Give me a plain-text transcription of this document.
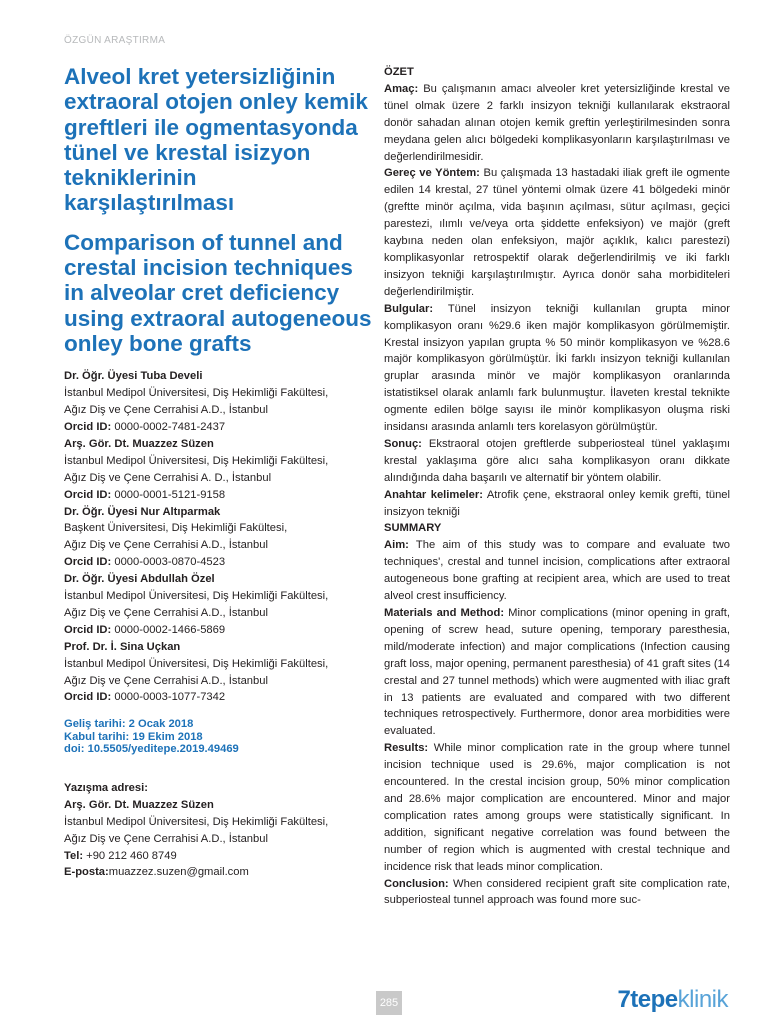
ÖZGÜN ARAŞTIRMA
Alveol kret yetersizliğinin extraoral otojen onley kemik greftleri ile ogmentasyonda tünel ve krestal isizyon tekniklerinin karşılaştırılması
Comparison of tunnel and crestal incision techniques in alveolar cret deficiency using extraoral autogeneous onley bone grafts
Dr. Öğr. Üyesi Tuba Develi
İstanbul Medipol Üniversitesi, Diş Hekimliği Fakültesi,
Ağız Diş ve Çene Cerrahisi A.D., İstanbul
Orcid ID: 0000-0002-7481-2437
Arş. Gör. Dt. Muazzez Süzen
İstanbul Medipol Üniversitesi, Diş Hekimliği Fakültesi,
Ağız Diş ve Çene Cerrahisi A. D., İstanbul
Orcid ID: 0000-0001-5121-9158
Dr. Öğr. Üyesi Nur Altıparmak
Başkent Üniversitesi, Diş Hekimliği Fakültesi,
Ağız Diş ve Çene Cerrahisi A.D., İstanbul
Orcid ID: 0000-0003-0870-4523
Dr. Öğr. Üyesi Abdullah Özel
İstanbul Medipol Üniversitesi, Diş Hekimliği Fakültesi,
Ağız Diş ve Çene Cerrahisi A.D., İstanbul
Orcid ID: 0000-0002-1466-5869
Prof. Dr. İ. Sina Uçkan
İstanbul Medipol Üniversitesi, Diş Hekimliği Fakültesi,
Ağız Diş ve Çene Cerrahisi A.D., İstanbul
Orcid ID: 0000-0003-1077-7342
Geliş tarihi: 2 Ocak 2018
Kabul tarihi: 19 Ekim 2018
doi: 10.5505/yeditepe.2019.49469
Yazışma adresi:
Arş. Gör. Dt. Muazzez Süzen
İstanbul Medipol Üniversitesi, Diş Hekimliği Fakültesi,
Ağız Diş ve Çene Cerrahisi A.D., İstanbul
Tel: +90 212 460 8749
E-posta:muazzez.suzen@gmail.com

ÖZET

Amaç: Bu çalışmanın amacı alveoler kret yetersizliğinde krestal ve tünel olmak üzere 2 farklı insizyon tekniği kullanılarak ekstraoral donör sahadan alınan otojen kemik greftin yerleştirilmesinden sonra meydana gelen alıcı bölgedeki komplikasyonların karşılaştırılması ve değerlendirilmesidir.

Gereç ve Yöntem: Bu çalışmada 13 hastadaki iliak greft ile ogmente edilen 14 krestal, 27 tünel yöntemi olmak üzere 41 bölgedeki minör (greftte minör açılma, vida başının açılması, sütur açılması, geçici parestezi, ılımlı ve/veya orta şiddette enfeksiyon) ve majör (greft kaybına neden olan enfeksiyon, majör açıklık, kalıcı parestezi) komplikasyonlar retrospektif olarak değerlendirilmiş ve iki farklı insizyon tekniği karşılaştırılmıştır. Ayrıca donör saha morbiditeleri değerlendirilmiştir.

Bulgular: Tünel insizyon tekniği kullanılan grupta minor komplikasyon oranı %29.6 iken majör komplikasyon görülmemiştir. Krestal insizyon yapılan grupta % 50 minör komplikasyon ve %28.6 majör komplikasyon görülmüştür. İki farklı insizyon tekniği kullanılan gruplar arasında minör ve majör komplikasyon oranlarında istatistiksel olarak anlamlı fark bulunmuştur. İlaveten krestal teknikte ogmente edilen bölge sayısı ile minör komplikasyon oluşma riski insidansı arasında anlamlı ters korelasyon görülmüştür.

Sonuç: Ekstraoral otojen greftlerde subperiosteal tünel yaklaşımı krestal yaklaşıma göre alıcı saha komplikasyon oranı dikkate alındığında daha başarılı ve alternatif bir yöntem olabilir.

Anahtar kelimeler: Atrofik çene, ekstraoral onley kemik grefti, tünel insizyon tekniği

SUMMARY

Aim: The aim of this study was to compare and evaluate two techniques', crestal and tunnel incision, complications after extraoral autogeneous bone grafting at recipient area, which are used to treat alveol crest insufficiency.

Materials and Method: Minor complications (minor opening in graft, opening of screw head, suture opening, temporary paresthesia, mild/moderate infection) and major complications (Infection causing graft loss, major opening, permanent paresthesia) of 41 graft sites (14 crestal and 27 tunnel methods) which were augmented with iliac graft in 13 patients are evaluated and compared with two different techniques retrospectively. Furthermore, donor area morbidities were evaluated.

Results: While minor complication rate in the group where tunnel incision technique used is 29.6%, major complication is not encountered. In the crestal incision group, 50% minor complication and 28.6% major complication are encountered. Minor and major complication rates among groups were statistically significant. In addition, significant negative correlation was found between the number of region which is augmented with crestal technique and incidence risk that leads minor complication.

Conclusion: When considered recipient graft site complication rate, subperiosteal tunnel approach was found more suc-

285	7tepeklinik
